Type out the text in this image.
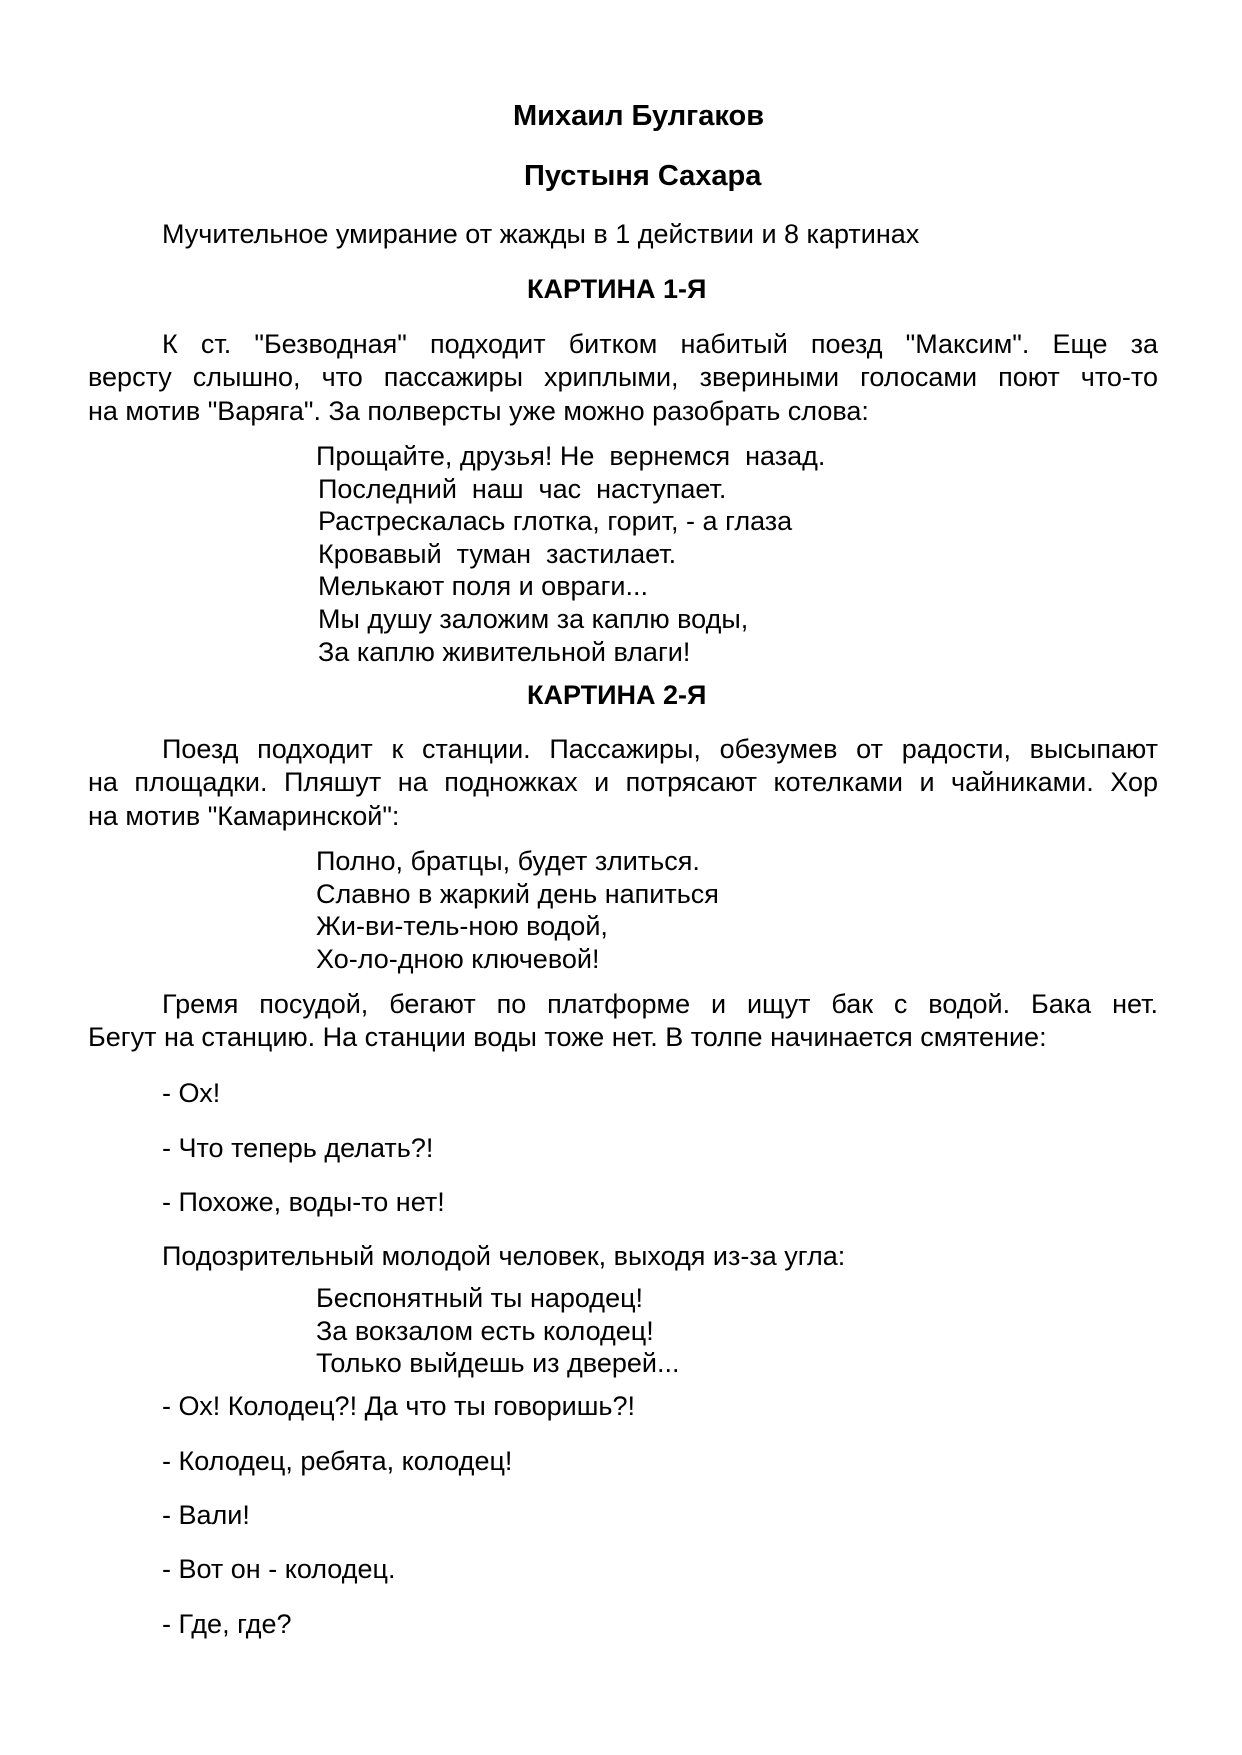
Михаил Булгаков

Пустыня Сахара

Мучительное умирание от жажды в 1 действии и 8 картинах

КАРТИНА 1-Я

К ст. "Безводная" подходит битком набитый поезд "Максим". Еще за

версту слышно, что пассажиры хриплыми, звериными голосами поют что-то

на мотив "Варяга". За полверсты уже можно разобрать слова:

Прощайте, друзья! Не  вернемся  назад.

Последний  наш  час  наступает.

Растрескалась глотка, горит, - а глаза

Кровавый  туман  застилает.

Мелькают поля и овраги...

Мы душу заложим за каплю воды,

За каплю живительной влаги!

КАРТИНА 2-Я

Поезд подходит к станции. Пассажиры, обезумев от радости, высыпают

на площадки. Пляшут на подножках и потрясают котелками и чайниками. Хор

на мотив "Камаринской":

Полно, братцы, будет злиться.

Славно в жаркий день напиться

Жи-ви-тель-ною водой,

Хо-ло-дною ключевой!

Гремя посудой, бегают по платформе и ищут бак с водой. Бака нет.

Бегут на станцию. На станции воды тоже нет. В толпе начинается смятение:

- Ох!

- Что теперь делать?!

- Похоже, воды-то нет!

Подозрительный молодой человек, выходя из-за угла:

Беспонятный ты народец!

За вокзалом есть колодец!

Только выйдешь из дверей...

- Ох! Колодец?! Да что ты говоришь?!

- Колодец, ребята, колодец!

- Вали!

- Вот он - колодец.

- Где, где?
